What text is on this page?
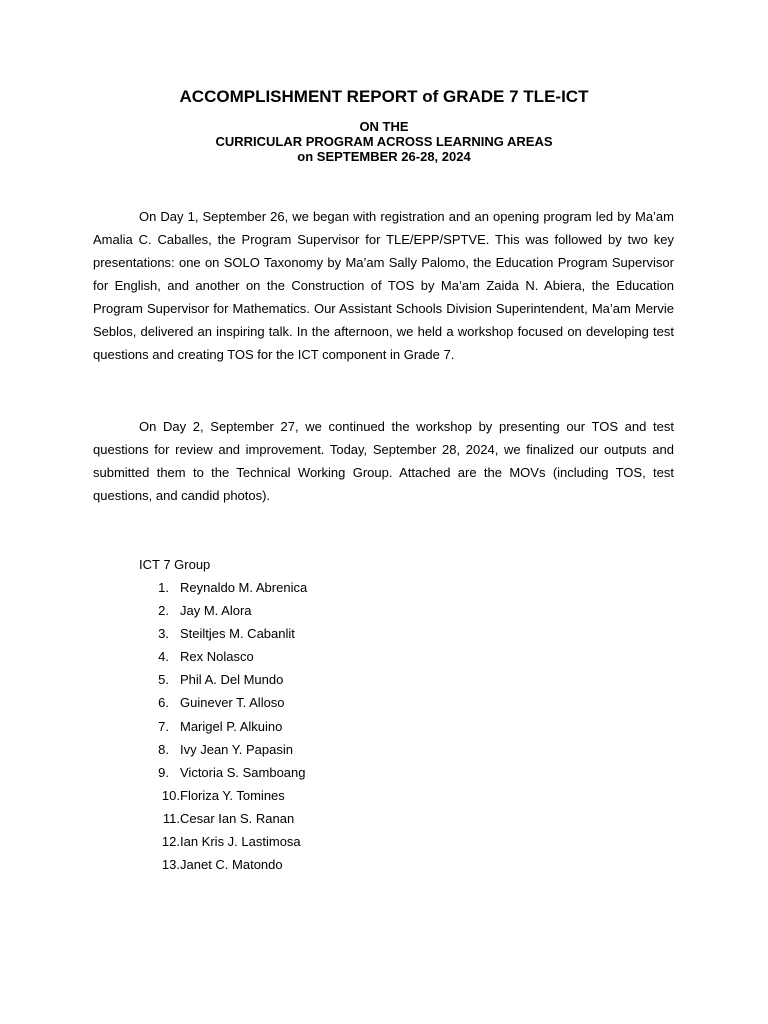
ACCOMPLISHMENT REPORT of GRADE 7 TLE-ICT
ON THE
CURRICULAR PROGRAM ACROSS LEARNING AREAS
on SEPTEMBER 26-28, 2024

On Day 1, September 26, we began with registration and an opening program led by Ma’am Amalia C. Caballes, the Program Supervisor for TLE/EPP/SPTVE. This was followed by two key presentations: one on SOLO Taxonomy by Ma’am Sally Palomo, the Education Program Supervisor for English, and another on the Construction of TOS by Ma’am Zaida N. Abiera, the Education Program Supervisor for Mathematics. Our Assistant Schools Division Superintendent, Ma’am Mervie Seblos, delivered an inspiring talk. In the afternoon, we held a workshop focused on developing test questions and creating TOS for the ICT component in Grade 7.

On Day 2, September 27, we continued the workshop by presenting our TOS and test questions for review and improvement. Today, September 28, 2024, we finalized our outputs and submitted them to the Technical Working Group. Attached are the MOVs (including TOS, test questions, and candid photos).

ICT 7 Group
1. Reynaldo M. Abrenica
2. Jay M. Alora
3. Steiltjes M. Cabanlit
4. Rex Nolasco
5. Phil A. Del Mundo
6. Guinever T. Alloso
7. Marigel P. Alkuino
8. Ivy Jean Y. Papasin
9. Victoria S. Samboang
10.Floriza Y. Tomines
11.Cesar Ian S. Ranan
12.Ian Kris J. Lastimosa
13.Janet C. Matondo
